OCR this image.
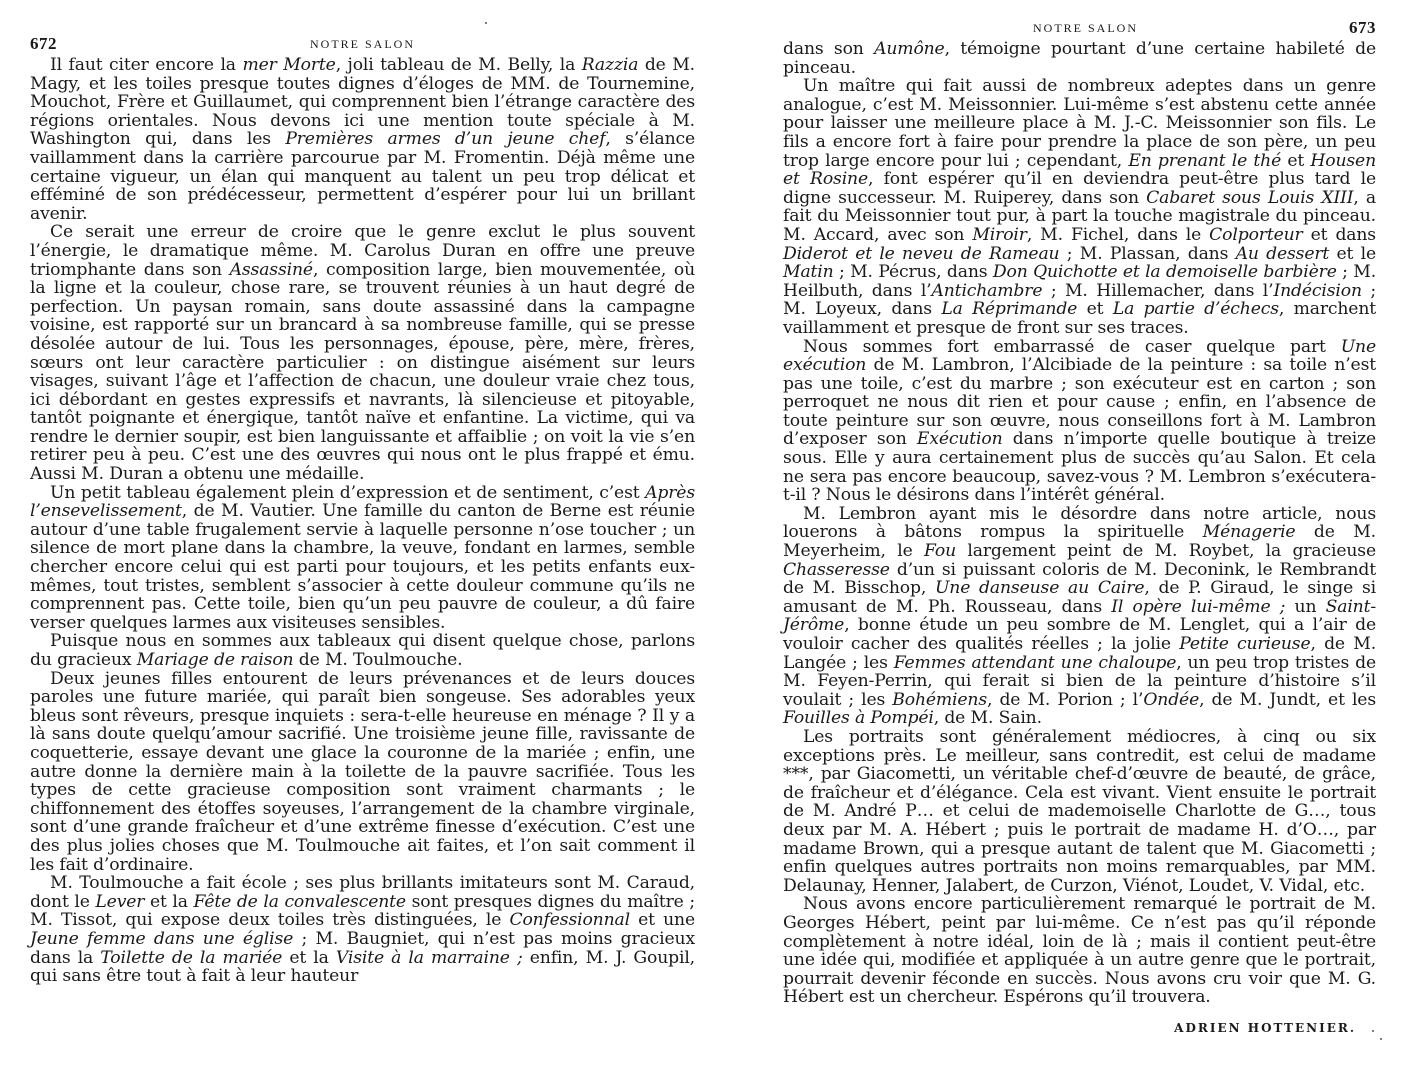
672	NOTRE SALON

Il faut citer encore la mer Morte, joli tableau de M. Belly, la Razzia de M. Magy, et les toiles presque toutes dignes d’éloges de MM. de Tournemine, Mouchot, Frère et Guillaumet, qui comprennent bien l’étrange caractère des régions orientales. Nous devons ici une mention toute spéciale à M. Washington qui, dans les Premières armes d’un jeune chef, s’élance vaillamment dans la carrière parcourue par M. Fromentin. Déjà même une certaine vigueur, un élan qui manquent au talent un peu trop délicat et efféminé de son prédécesseur, permettent d’espérer pour lui un brillant avenir.

Ce serait une erreur de croire que le genre exclut le plus souvent l’énergie, le dramatique même. M. Carolus Duran en offre une preuve triomphante dans son Assassiné, composition large, bien mouvementée, où la ligne et la couleur, chose rare, se trouvent réunies à un haut degré de perfection. Un paysan romain, sans doute assassiné dans la campagne voisine, est rapporté sur un brancard à sa nombreuse famille, qui se presse désolée autour de lui. Tous les personnages, épouse, père, mère, frères, sœurs ont leur caractère particulier : on distingue aisément sur leurs visages, suivant l’âge et l’affection de chacun, une douleur vraie chez tous, ici débordant en gestes expressifs et navrants, là silencieuse et pitoyable, tantôt poignante et énergique, tantôt naïve et enfantine. La victime, qui va rendre le dernier soupir, est bien languissante et affaiblie ; on voit la vie s’en retirer peu à peu. C’est une des œuvres qui nous ont le plus frappé et ému. Aussi M. Duran a obtenu une médaille.

Un petit tableau également plein d’expression et de sentiment, c’est Après l’ensevelissement, de M. Vautier. Une famille du canton de Berne est réunie autour d’une table frugalement servie à laquelle personne n’ose toucher ; un silence de mort plane dans la chambre, la veuve, fondant en larmes, semble chercher encore celui qui est parti pour toujours, et les petits enfants eux-mêmes, tout tristes, semblent s’associer à cette douleur commune qu’ils ne comprennent pas. Cette toile, bien qu’un peu pauvre de couleur, a dû faire verser quelques larmes aux visiteuses sensibles.

Puisque nous en sommes aux tableaux qui disent quelque chose, parlons du gracieux Mariage de raison de M. Toulmouche.

Deux jeunes filles entourent de leurs prévenances et de leurs douces paroles une future mariée, qui paraît bien songeuse. Ses adorables yeux bleus sont rêveurs, presque inquiets : sera-t-elle heureuse en ménage ? Il y a là sans doute quelqu’amour sacrifié. Une troisième jeune fille, ravissante de coquetterie, essaye devant une glace la couronne de la mariée ; enfin, une autre donne la dernière main à la toilette de la pauvre sacrifiée. Tous les types de cette gracieuse composition sont vraiment charmants ; le chiffonnement des étoffes soyeuses, l’arrangement de la chambre virginale, sont d’une grande fraîcheur et d’une extrême finesse d’exécution. C’est une des plus jolies choses que M. Toulmouche ait faites, et l’on sait comment il les fait d’ordinaire.

M. Toulmouche a fait école ; ses plus brillants imitateurs sont M. Caraud, dont le Lever et la Fête de la convalescente sont presques dignes du maître ; M. Tissot, qui expose deux toiles très distinguées, le Confessionnal et une Jeune femme dans une église ; M. Baugniet, qui n’est pas moins gracieux dans la Toilette de la mariée et la Visite à la marraine ; enfin, M. J. Goupil, qui sans être tout à fait à leur hauteur

NOTRE SALON	673

dans son Aumône, témoigne pourtant d’une certaine habileté de pinceau.

Un maître qui fait aussi de nombreux adeptes dans un genre analogue, c’est M. Meissonnier. Lui-même s’est abstenu cette année pour laisser une meilleure place à M. J.-C. Meissonnier son fils. Le fils a encore fort à faire pour prendre la place de son père, un peu trop large encore pour lui ; cependant, En prenant le thé et Housen et Rosine, font espérer qu’il en deviendra peut-être plus tard le digne successeur. M. Ruiperey, dans son Cabaret sous Louis XIII, a fait du Meissonnier tout pur, à part la touche magistrale du pinceau. M. Accard, avec son Miroir, M. Fichel, dans le Colporteur et dans Diderot et le neveu de Rameau ; M. Plassan, dans Au dessert et le Matin ; M. Pécrus, dans Don Quichotte et la demoiselle barbière ; M. Heilbuth, dans l’Antichambre ; M. Hillemacher, dans l’Indécision ; M. Loyeux, dans La Réprimande et La partie d’échecs, marchent vaillamment et presque de front sur ses traces.

Nous sommes fort embarrassé de caser quelque part Une exécution de M. Lambron, l’Alcibiade de la peinture : sa toile n’est pas une toile, c’est du marbre ; son exécuteur est en carton ; son perroquet ne nous dit rien et pour cause ; enfin, en l’absence de toute peinture sur son œuvre, nous conseillons fort à M. Lambron d’exposer son Exécution dans n’importe quelle boutique à treize sous. Elle y aura certainement plus de succès qu’au Salon. Et cela ne sera pas encore beaucoup, savez-vous ? M. Lembron s’exécutera-t-il ? Nous le désirons dans l’intérêt général.

M. Lembron ayant mis le désordre dans notre article, nous louerons à bâtons rompus la spirituelle Ménagerie de M. Meyerheim, le Fou largement peint de M. Roybet, la gracieuse Chasseresse d’un si puissant coloris de M. Deconink, le Rembrandt de M. Bisschop, Une danseuse au Caire, de P. Giraud, le singe si amusant de M. Ph. Rousseau, dans Il opère lui-même ; un Saint-Jérôme, bonne étude un peu sombre de M. Lenglet, qui a l’air de vouloir cacher des qualités réelles ; la jolie Petite curieuse, de M. Langée ; les Femmes attendant une chaloupe, un peu trop tristes de M. Feyen-Perrin, qui ferait si bien de la peinture d’histoire s’il voulait ; les Bohémiens, de M. Porion ; l’Ondée, de M. Jundt, et les Fouilles à Pompéi, de M. Sain.

Les portraits sont généralement médiocres, à cinq ou six exceptions près. Le meilleur, sans contredit, est celui de madame ***, par Giacometti, un véritable chef-d’œuvre de beauté, de grâce, de fraîcheur et d’élégance. Cela est vivant. Vient ensuite le portrait de M. André P… et celui de mademoiselle Charlotte de G…, tous deux par M. A. Hébert ; puis le portrait de madame H. d’O…, par madame Brown, qui a presque autant de talent que M. Giacometti ; enfin quelques autres portraits non moins remarquables, par MM. Delaunay, Henner, Jalabert, de Curzon, Viénot, Loudet, V. Vidal, etc.

Nous avons encore particulièrement remarqué le portrait de M. Georges Hébert, peint par lui-même. Ce n’est pas qu’il réponde complètement à notre idéal, loin de là ; mais il contient peut-être une idée qui, modifiée et appliquée à un autre genre que le portrait, pourrait devenir féconde en succès. Nous avons cru voir que M. G. Hébert est un chercheur. Espérons qu’il trouvera.

ADRIEN HOTTENIER.
